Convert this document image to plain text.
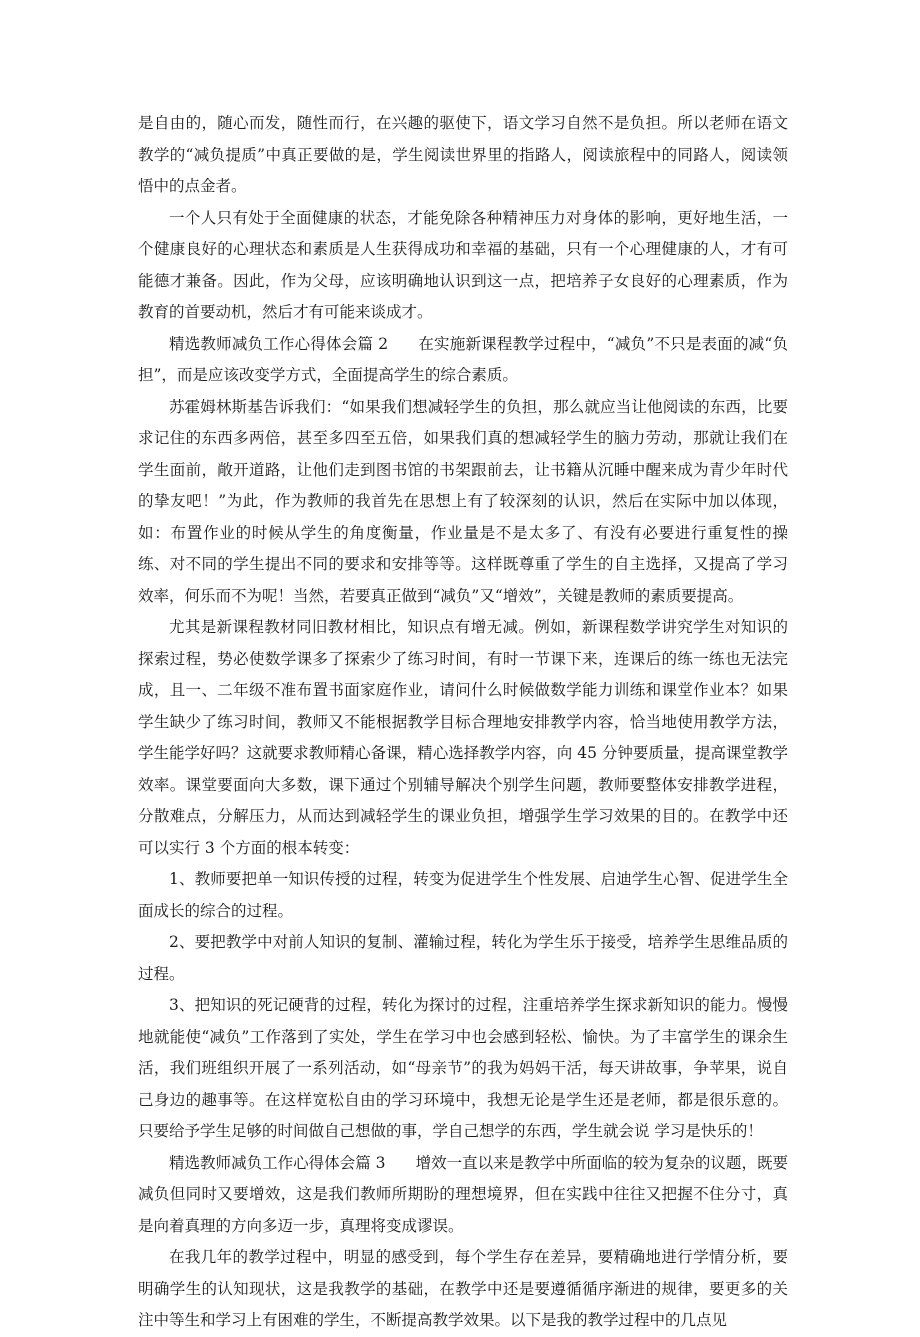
是自由的，随心而发，随性而行，在兴趣的驱使下，语文学习自然不是负担。所以老师在语文教学的“减负提质”中真正要做的是，学生阅读世界里的指路人，阅读旅程中的同路人，阅读领悟中的点金者。

一个人只有处于全面健康的状态，才能免除各种精神压力对身体的影响，更好地生活，一个健康良好的心理状态和素质是人生获得成功和幸福的基础，只有一个心理健康的人，才有可能德才兼备。因此，作为父母，应该明确地认识到这一点，把培养子女良好的心理素质，作为教育的首要动机，然后才有可能来谈成才。

精选教师减负工作心得体会篇 2 在实施新课程教学过程中，“减负”不只是表面的减“负担”，而是应该改变学方式，全面提高学生的综合素质。

苏霍姆林斯基告诉我们：“如果我们想减轻学生的负担，那么就应当让他阅读的东西，比要求记住的东西多两倍，甚至多四至五倍，如果我们真的想减轻学生的脑力劳动，那就让我们在学生面前，敞开道路，让他们走到图书馆的书架跟前去，让书籍从沉睡中醒来成为青少年时代的挚友吧！”为此，作为教师的我首先在思想上有了较深刻的认识，然后在实际中加以体现，如：布置作业的时候从学生的角度衡量，作业量是不是太多了、有没有必要进行重复性的操练、对不同的学生提出不同的要求和安排等等。这样既尊重了学生的自主选择，又提高了学习效率，何乐而不为呢！当然，若要真正做到“减负”又“增效”，关键是教师的素质要提高。

尤其是新课程教材同旧教材相比，知识点有增无减。例如，新课程数学讲究学生对知识的探索过程，势必使数学课多了探索少了练习时间，有时一节课下来，连课后的练一练也无法完成，且一、二年级不准布置书面家庭作业，请问什么时候做数学能力训练和课堂作业本？如果学生缺少了练习时间，教师又不能根据教学目标合理地安排教学内容，恰当地使用教学方法，学生能学好吗？这就要求教师精心备课，精心选择教学内容，向 45 分钟要质量，提高课堂教学效率。课堂要面向大多数，课下通过个别辅导解决个别学生问题，教师要整体安排教学进程，分散难点，分解压力，从而达到减轻学生的课业负担，增强学生学习效果的目的。在教学中还可以实行 3 个方面的根本转变：

1、教师要把单一知识传授的过程，转变为促进学生个性发展、启迪学生心智、促进学生全面成长的综合的过程。

2、要把教学中对前人知识的复制、灌输过程，转化为学生乐于接受，培养学生思维品质的过程。

3、把知识的死记硬背的过程，转化为探讨的过程，注重培养学生探求新知识的能力。慢慢地就能使“减负”工作落到了实处，学生在学习中也会感到轻松、愉快。为了丰富学生的课余生活，我们班组织开展了一系列活动，如“母亲节”的我为妈妈干活，每天讲故事，争苹果，说自己身边的趣事等。在这样宽松自由的学习环境中，我想无论是学生还是老师，都是很乐意的。只要给予学生足够的时间做自己想做的事，学自己想学的东西，学生就会说 学习是快乐的！

精选教师减负工作心得体会篇 3 增效一直以来是教学中所面临的较为复杂的议题，既要减负但同时又要增效，这是我们教师所期盼的理想境界，但在实践中往往又把握不住分寸，真是向着真理的方向多迈一步，真理将变成谬误。

在我几年的教学过程中，明显的感受到，每个学生存在差异，要精确地进行学情分析，要明确学生的认知现状，这是我教学的基础，在教学中还是要遵循循序渐进的规律，要更多的关注中等生和学习上有困难的学生，不断提高教学效果。以下是我的教学过程中的几点见
